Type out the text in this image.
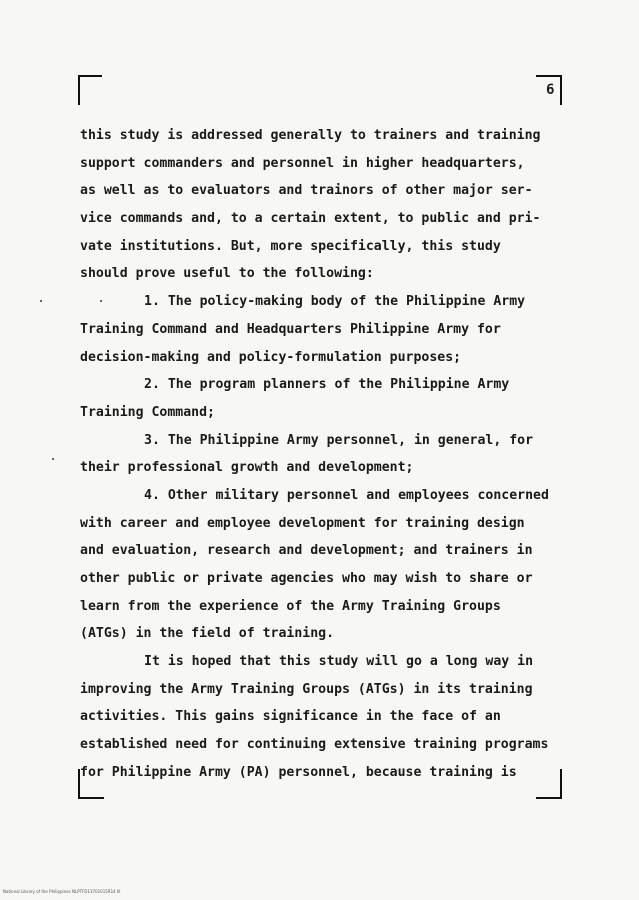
6
this study is addressed generally to trainers and training
support commanders and personnel in higher headquarters,
as well as to evaluators and trainors of other major ser-
vice commands and, to a certain extent, to public and pri-
vate institutions. But, more specifically, this study
should prove useful to the following:
1. The policy-making body of the Philippine Army
Training Command and Headquarters Philippine Army for
decision-making and policy-formulation purposes;
2. The program planners of the Philippine Army
Training Command;
3. The Philippine Army personnel, in general, for
their professional growth and development;
4. Other military personnel and employees concerned
with career and employee development for training design
and evaluation, research and development; and trainers in
other public or private agencies who may wish to share or
learn from the experience of the Army Training Groups
(ATGs) in the field of training.
It is hoped that this study will go a long way in
improving the Army Training Groups (ATGs) in its training
activities. This gains significance in the face of an
established need for continuing extensive training programs
for Philippine Army (PA) personnel, because training is
National Library of the Philippines NLPTFD13701015R14 III
